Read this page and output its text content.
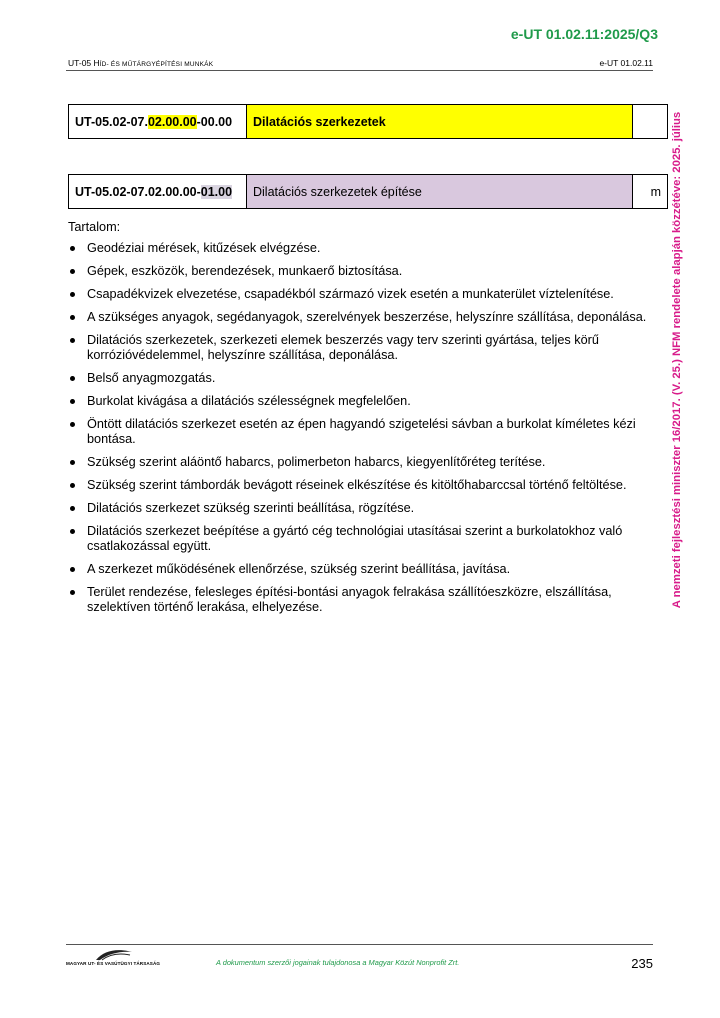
e-UT 01.02.11:2025/Q3
UT-05 HÍD- ÉS MŰTÁRGYÉPÍTÉSI MUNKÁK	e-UT 01.02.11
A nemzeti fejlesztési miniszter 16/2017. (V. 25.) NFM rendelete alapján közzétéve: 2025. július
UT-05.02-07.02.00.00-00.00	Dilatációs szerkezetek	
UT-05.02-07.02.00.00-01.00	Dilatációs szerkezetek építése	m
Tartalom:
Geodéziai mérések, kitűzések elvégzése.
Gépek, eszközök, berendezések, munkaerő biztosítása.
Csapadékvizek elvezetése, csapadékból származó vizek esetén a munkaterület víztelenítése.
A szükséges anyagok, segédanyagok, szerelvények beszerzése, helyszínre szállítása, deponálása.
Dilatációs szerkezetek, szerkezeti elemek beszerzés vagy terv szerinti gyártása, teljes körű korrózióvédelemmel, helyszínre szállítása, deponálása.
Belső anyagmozgatás.
Burkolat kivágása a dilatációs szélességnek megfelelően.
Öntött dilatációs szerkezet esetén az épen hagyandó szigetelési sávban a burkolat kíméletes kézi bontása.
Szükség szerint aláöntő habarcs, polimerbeton habarcs, kiegyenlítőréteg terítése.
Szükség szerint támbordák bevágott réseinek elkészítése és kitöltőhabarccsal történő feltöltése.
Dilatációs szerkezet szükség szerinti beállítása, rögzítése.
Dilatációs szerkezet beépítése a gyártó cég technológiai utasításai szerint a burkolatokhoz való csatlakozással együtt.
A szerkezet működésének ellenőrzése, szükség szerint beállítása, javítása.
Terület rendezése, felesleges építési-bontási anyagok felrakása szállítóeszközre, elszállítása, szelektíven történő lerakása, elhelyezése.
MAGYAR UT- ÉS VASÚTÜGYI TÁRSASÁG	A dokumentum szerzői jogainak tulajdonosa a Magyar Közút Nonprofit Zrt.	235
